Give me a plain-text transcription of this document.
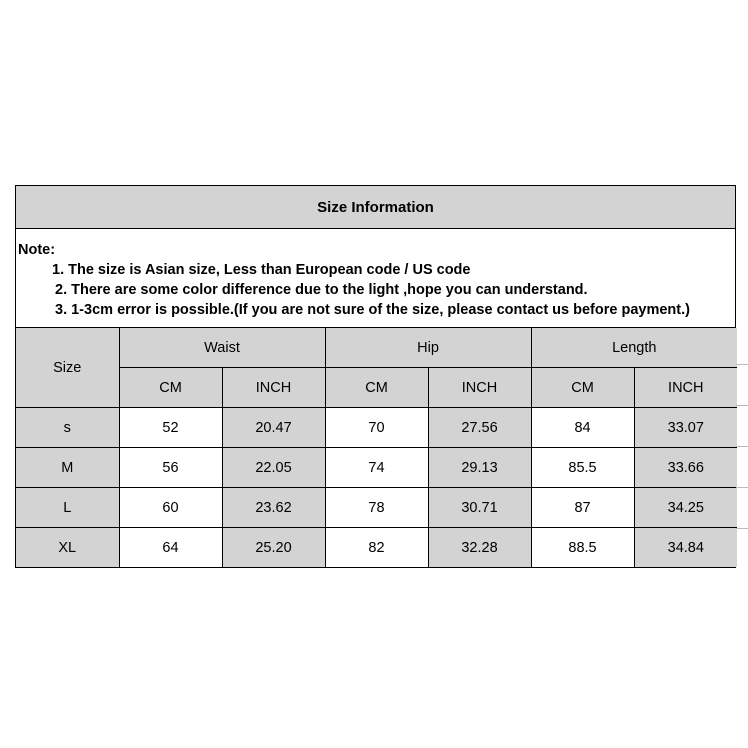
Size Information
Note:
1. The size is Asian size, Less than European code / US code
2. There are some color difference due to the light ,hope you can understand.
3. 1-3cm error is possible.(If you are not sure of the size, please contact us before payment.)
Size	Waist		Hip		Length	
	CM	INCH	CM	INCH	CM	INCH
s	52	20.47	70	27.56	84	33.07
M	56	22.05	74	29.13	85.5	33.66
L	60	23.62	78	30.71	87	34.25
XL	64	25.20	82	32.28	88.5	34.84
